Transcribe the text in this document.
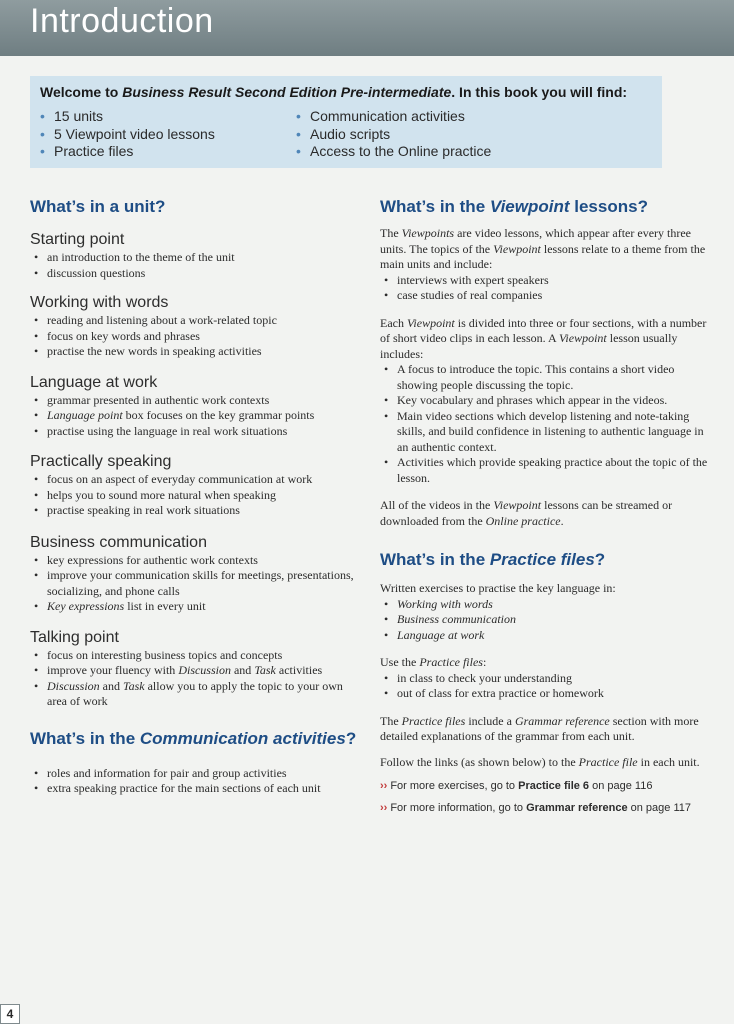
Introduction
Welcome to Business Result Second Edition Pre-intermediate. In this book you will find:
• 15 units
• 5 Viewpoint video lessons
• Practice files
• Communication activities
• Audio scripts
• Access to the Online practice
What’s in a unit?
Starting point
• an introduction to the theme of the unit
• discussion questions
Working with words
• reading and listening about a work-related topic
• focus on key words and phrases
• practise the new words in speaking activities
Language at work
• grammar presented in authentic work contexts
• Language point box focuses on the key grammar points
• practise using the language in real work situations
Practically speaking
• focus on an aspect of everyday communication at work
• helps you to sound more natural when speaking
• practise speaking in real work situations
Business communication
• key expressions for authentic work contexts
• improve your communication skills for meetings, presentations, socializing, and phone calls
• Key expressions list in every unit
Talking point
• focus on interesting business topics and concepts
• improve your fluency with Discussion and Task activities
• Discussion and Task allow you to apply the topic to your own area of work
What’s in the Communication activities?
• roles and information for pair and group activities
• extra speaking practice for the main sections of each unit
What’s in the Viewpoint lessons?

The Viewpoints are video lessons, which appear after every three units. The topics of the Viewpoint lessons relate to a theme from the main units and include:

• interviews with expert speakers
• case studies of real companies

Each Viewpoint is divided into three or four sections, with a number of short video clips in each lesson. A Viewpoint lesson usually includes:

• A focus to introduce the topic. This contains a short video showing people discussing the topic.
• Key vocabulary and phrases which appear in the videos.
• Main video sections which develop listening and note-taking skills, and build confidence in listening to authentic language in an authentic context.
• Activities which provide speaking practice about the topic of the lesson.

All of the videos in the Viewpoint lessons can be streamed or downloaded from the Online practice.

What’s in the Practice files?

Written exercises to practise the key language in:

• Working with words
• Business communication
• Language at work

Use the Practice files:

• in class to check your understanding
• out of class for extra practice or homework

The Practice files include a Grammar reference section with more detailed explanations of the grammar from each unit.

Follow the links (as shown below) to the Practice file in each unit.

›› For more exercises, go to Practice file 6 on page 116
›› For more information, go to Grammar reference on page 117
4
